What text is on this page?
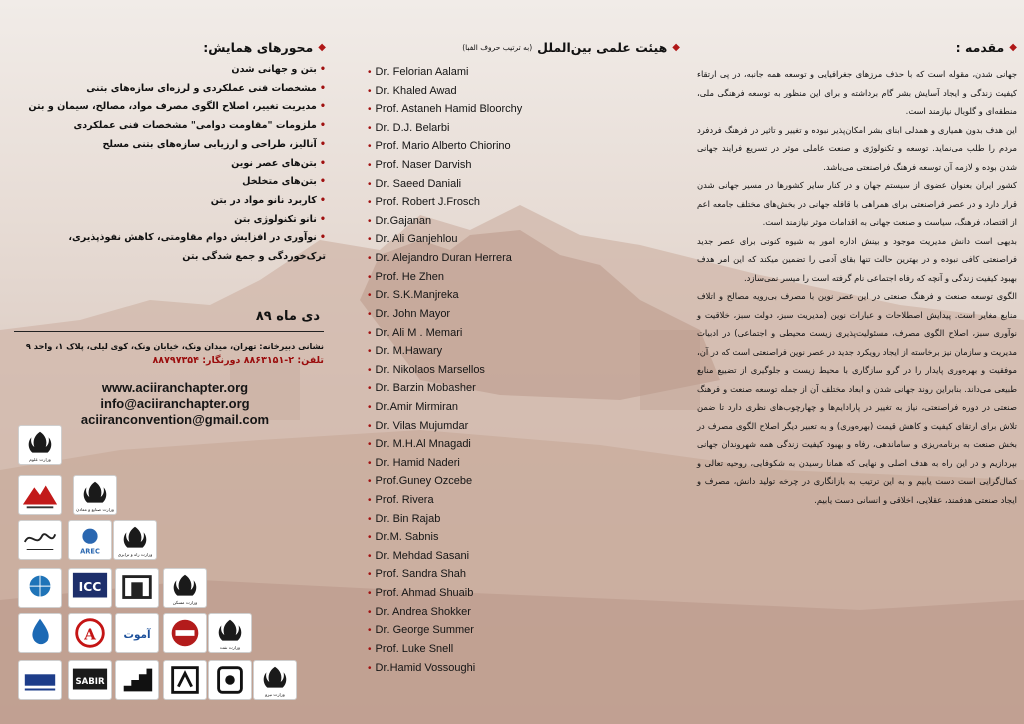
◆
مقدمه :

جهانی شدن، مقوله است که با حذف مرزهای جغرافیایی و توسعه همه جانبه، در پی ارتقاء کیفیت زندگی و ایجاد آسایش بشر گام برداشته و برای این منظور به توسعه فرهنگی ملی، منطقه‌ای و گلوبال نیازمند است.

این هدف بدون همیاری و همدلی ابنای بشر امکان‌پذیر نبوده و تغییر و تاثیر در فرهنگ فردفرد مردم را طلب می‌نماید. توسعه و تکنولوژی و صنعت عاملی موثر در تسریع فرایند جهانی شدن بوده و لازمه آن توسعه فرهنگ فراصنعتی می‌باشد.

کشور ایران بعنوان عضوی از سیستم جهان و در کنار سایر کشورها در مسیر جهانی شدن قرار دارد و در عصر فراصنعتی برای همراهی با قافله جهانی در بخش‌های مختلف جامعه اعم از اقتصاد، فرهنگ، سیاست و صنعت جهانی به اقدامات موثر نیازمند است.

بدیهی است دانش مدیریت موجود و بینش اداره امور به شیوه کنونی برای عصر جدید فراصنعتی کافی نبوده و در بهترین حالت تنها بقای آدمی را تضمین میکند که این امر هدف بهبود کیفیت زندگی و آنچه که رفاه اجتماعی نام گرفته است را میسر نمی‌سازد.

الگوی توسعه صنعت و فرهنگ صنعتی در این عصر نوین با مصرف بی‌رویه مصالح و اتلاف منابع مغایر است. پیدایش اصطلاحات و عبارات نوین (مدیریت سبز، دولت سبز، خلاقیت و نوآوری سبز، اصلاح الگوی مصرف، مسئولیت‌پذیری زیست محیطی و اجتماعی) در ادبیات مدیریت و سازمان نیز برخاسته از ایجاد رویکرد جدید در عصر نوین فراصنعتی است که در آن، موفقیت و بهره‌وری پایدار را در گرو سازگاری با محیط زیست و جلوگیری از تضییع منابع طبیعی می‌داند. بنابراین روند جهانی شدن و ابعاد مختلف آن از جمله توسعه صنعت و فرهنگ صنعتی در دوره فراصنعتی، نیاز به تغییر در پارادایم‌ها و چهارچوب‌های نظری دارد تا ضمن تلاش برای ارتقای کیفیت و کاهش قیمت (بهره‌وری) و به تعبیر دیگر اصلاح الگوی مصرف در بخش صنعت به برنامه‌ریزی و ساماندهی، رفاه و بهبود کیفیت زندگی همه شهروندان جهانی بپردازیم و در این راه به هدف اصلی و نهایی که همانا رسیدن به شکوفایی، روحیه تعالی و کمال‌گرایی است دست یابیم و به این ترتیب به بازانگاری در چرخه تولید دانش، مصرف و ایجاد صنعتی هدفمند، عقلایی، اخلاقی و انسانی دست یابیم.

◆
هیئت علمی بین‌الملل
(به ترتیب حروف الفبا)
• Dr. Felorian Aalami
• Dr. Khaled Awad
• Prof. Astaneh Hamid Bloorchy
• Dr. D.J. Belarbi
• Prof. Mario Alberto Chiorino
• Prof. Naser Darvish
• Dr. Saeed Daniali
• Prof. Robert J.Frosch
• Dr.Gajanan
• Dr. Ali Ganjehlou
• Dr. Alejandro Duran Herrera
• Prof. He Zhen
• Dr. S.K.Manjreka
• Dr. John Mayor
• Dr. Ali M . Memari
• Dr. M.Hawary
• Dr. Nikolaos Marsellos
• Dr. Barzin Mobasher
• Dr.Amir Mirmiran
• Dr. Vilas Mujumdar
• Dr. M.H.Al Mnagadi
• Dr. Hamid Naderi
• Prof.Guney Ozcebe
• Prof. Rivera
• Dr. Bin Rajab
• Dr.M. Sabnis
• Dr. Mehdad Sasani
• Prof. Sandra Shah
• Prof. Ahmad Shuaib
• Dr. Andrea Shokker
• Dr. George Summer
• Prof. Luke Snell
• Dr.Hamid Vossoughi
◆
محورهای همایش:
• بتن و جهانی شدن
• مشخصات فنی عملکردی و لرزه‌ای سازه‌های بتنی
• مدیریت تغییر، اصلاح الگوی مصرف مواد، مصالح، سیمان و بتن
• ملزومات "مقاومت دوامی" مشخصات فنی عملکردی
• آنالیز، طراحی و ارزیابی سازه‌های بتنی مسلح
• بتن‌های عصر نوین
• بتن‌های متخلخل
• کاربرد نانو مواد در بتن
• نانو تکنولوژی بتن
• نوآوری در افزایش دوام مقاومتی، کاهش نفوذپذیری،
ترک‌خوردگی و جمع شدگی بتن
دی ماه ۸۹
نشانی دبیرخانه: تهران، میدان ونک، خیابان ونک، کوی لیلی، پلاک ۱، واحد ۹
تلفن: ۲-۸۸۶۳۱۵۱ دورنگار: ۸۸۷۹۷۳۵۴
www.aciiranchapter.org
info@aciiranchapter.org
aciiranconvention@gmail.com
وزارت علوم
وزارت صنایع و معادن
AREC
وزارت راه و ترابری
ICC
وزارت مسکن
A	آموت
وزارت نفت
SABIR
وزارت نیرو
